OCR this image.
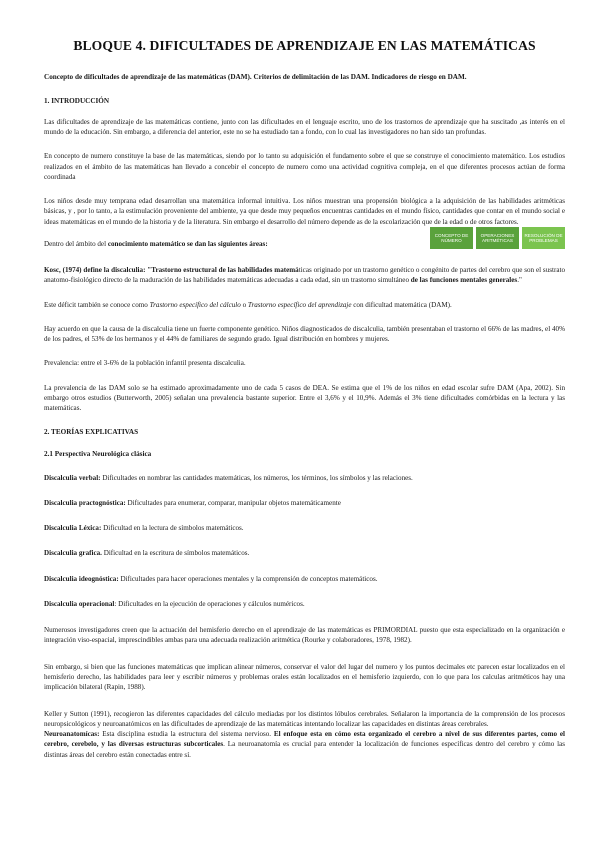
BLOQUE 4. DIFICULTADES DE APRENDIZAJE EN LAS MATEMÁTICAS
Concepto de dificultades de aprendizaje de las matemáticas (DAM). Criterios de delimitación de las DAM. Indicadores de riesgo en DAM.
1. INTRODUCCIÓN

Las dificultades de aprendizaje de las matemáticas contiene, junto con las dificultades en el lenguaje escrito, uno de los trastornos de aprendizaje que ha suscitado ,as interés en el mundo de la educación. Sin embargo, a diferencia del anterior, este no se ha estudiado tan a fondo, con lo cual las investigadores no han sido tan profundas.

En concepto de numero constituye la base de las matemáticas, siendo por lo tanto su adquisición el fundamento sobre el que se construye el conocimiento matemático. Los estudios realizados en el ámbito de las matemáticas han llevado a concebir el concepto de numero como una actividad cognitiva compleja, en el que diferentes procesos actúan de forma coordinada

Los niños desde muy temprana edad desarrollan una matemática informal intuitiva. Los niños muestran una propensión biológica a la adquisición de las habilidades aritméticas básicas, y , por lo tanto, a la estimulación proveniente del ambiente, ya que desde muy pequeños encuentras cantidades en el mundo físico, cantidades que contar en el mundo social e ideas matemáticas en el mundo de la historia y de la literatura. Sin embargo el desarrollo del número depende as de la escolarización que de la edad o de otros factores.

Dentro del ámbito del conocimiento matemático se dan las siguientes áreas:

CONCEPTO DE NÚMERO
OPERACIONES ARITMÉTICAS
RESOLUCIÓN DE PROBLEMAS

Kosc, (1974) define la discalculia: "Trastorno estructural de las habilidades matemáticas originado por un trastorno genético o congénito de partes del cerebro que son el sustrato anatomo-fisiológico directo de la maduración de las habilidades matemáticas adecuadas a cada edad, sin un trastorno simultáneo de las funciones mentales generales."

Este déficit también se conoce como Trastorno específico del cálculo o Trastorno específico del aprendizaje con dificultad matemática (DAM).

Hay acuerdo en que la causa de la discalculia tiene un fuerte componente genético. Niños diagnosticados de discalculia, también presentaban el trastorno el 66% de las madres, el 40% de los padres, el 53% de los hermanos y el 44% de familiares de segundo grado. Igual distribución en hombres y mujeres.

Prevalencia: entre el 3-6% de la población infantil presenta discalculia.

La prevalencia de las DAM solo se ha estimado aproximadamente uno de cada 5 casos de DEA. Se estima que el 1% de los niños en edad escolar sufre DAM (Apa, 2002). Sin embargo otros estudios (Butterworth, 2005) señalan una prevalencia bastante superior. Entre el 3,6% y el 10,9%. Además el 3% tiene dificultades comórbidas en la lectura y las matemáticas.

2. TEORÍAS EXPLICATIVAS
2.1 Perspectiva Neurológica clásica
Discalculia verbal: Dificultades en nombrar las cantidades matemáticas, los números, los términos, los símbolos y las relaciones.
Discalculia practognóstica: Dificultades para enumerar, comparar, manipular objetos matemáticamente
Discalculia Léxica: Dificultad en la lectura de símbolos matemáticos.
Discalculia grafica. Dificultad en la escritura de símbolos matemáticos.
Discalculia ideognóstica: Dificultades para hacer operaciones mentales y la comprensión de conceptos matemáticos.
Discalculia operacional: Dificultades en la ejecución de operaciones y cálculos numéricos.

Numerosos investigadores creen que la actuación del hemisferio derecho en el aprendizaje de las matemáticas es PRIMORDIAL puesto que esta especializado en la organización e integración viso-espacial, imprescindibles ambas para una adecuada realización aritmética (Rourke y colaboradores, 1978, 1982).

Sin embargo, si bien que las funciones matemáticas que implican alinear números, conservar el valor del lugar del numero y los puntos decimales etc parecen estar localizados en el hemisferio derecho, las habilidades para leer y escribir números y problemas orales están localizados en el hemisferio izquierdo, con lo que para los calculas aritméticos hay una implicación bilateral (Rapin, 1988).

Keller y Sutton (1991), recogieron las diferentes capacidades del cálculo mediadas por los distintos lóbulos cerebrales. Señalaron la importancia de la comprensión de los procesos neuropsicológicos y neuroanatómicos en las dificultades de aprendizaje de las matemáticas intentando localizar las capacidades en distintas áreas cerebrales.

Neuroanatomícas: Esta disciplina estudia la estructura del sistema nervioso. El enfoque esta en cómo esta organizado el cerebro a nivel de sus diferentes partes, como el cerebro, cerebelo, y las diversas estructuras subcorticales. La neuroanatomía es crucial para entender la localización de funciones específicas dentro del cerebro y cómo las distintas áreas del cerebro están conectadas entre sí.
